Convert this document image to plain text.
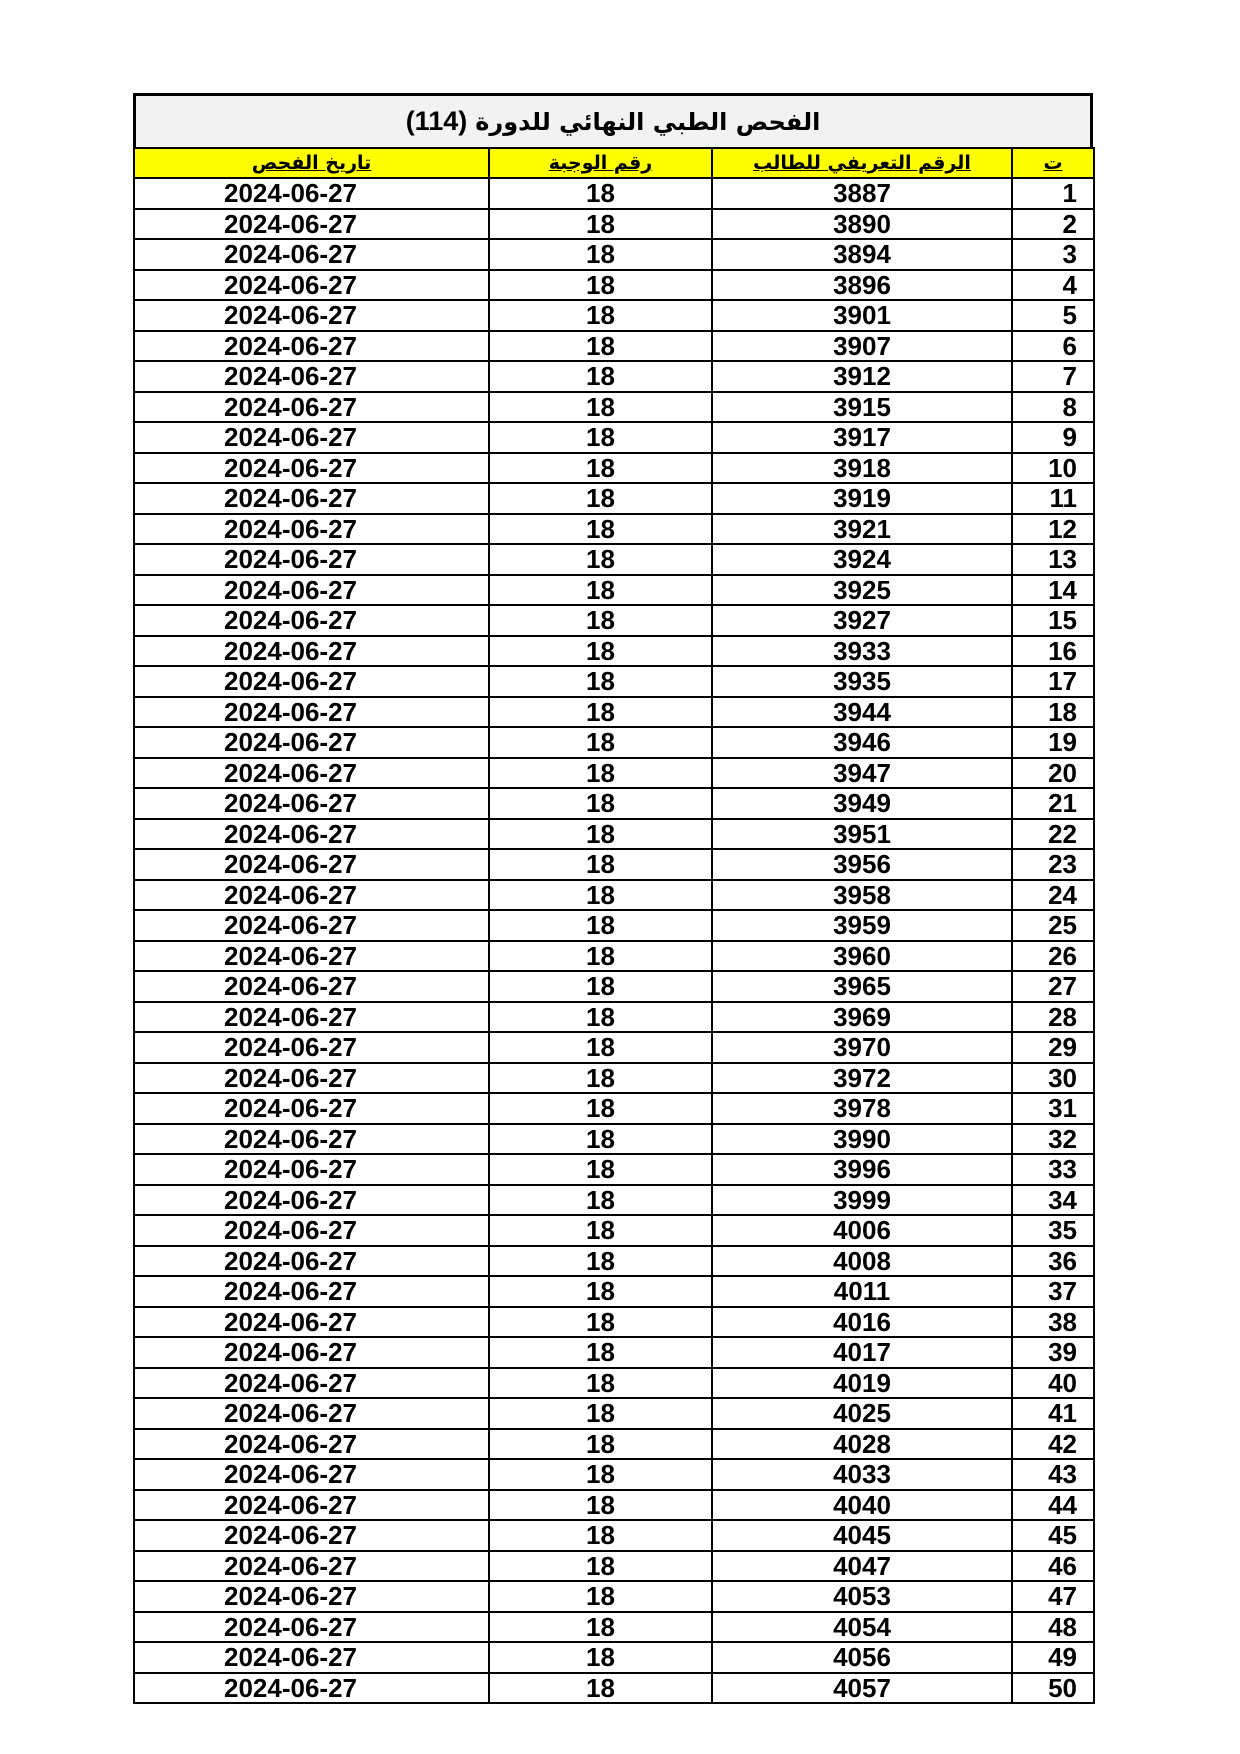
الفحص الطبي النهائي للدورة
(114)
تاريخ الفحص	رقم الوجبة	الرقم التعريفي للطالب	ت
2024-06-27	18	3887	1
2024-06-27	18	3890	2
2024-06-27	18	3894	3
2024-06-27	18	3896	4
2024-06-27	18	3901	5
2024-06-27	18	3907	6
2024-06-27	18	3912	7
2024-06-27	18	3915	8
2024-06-27	18	3917	9
2024-06-27	18	3918	10
2024-06-27	18	3919	11
2024-06-27	18	3921	12
2024-06-27	18	3924	13
2024-06-27	18	3925	14
2024-06-27	18	3927	15
2024-06-27	18	3933	16
2024-06-27	18	3935	17
2024-06-27	18	3944	18
2024-06-27	18	3946	19
2024-06-27	18	3947	20
2024-06-27	18	3949	21
2024-06-27	18	3951	22
2024-06-27	18	3956	23
2024-06-27	18	3958	24
2024-06-27	18	3959	25
2024-06-27	18	3960	26
2024-06-27	18	3965	27
2024-06-27	18	3969	28
2024-06-27	18	3970	29
2024-06-27	18	3972	30
2024-06-27	18	3978	31
2024-06-27	18	3990	32
2024-06-27	18	3996	33
2024-06-27	18	3999	34
2024-06-27	18	4006	35
2024-06-27	18	4008	36
2024-06-27	18	4011	37
2024-06-27	18	4016	38
2024-06-27	18	4017	39
2024-06-27	18	4019	40
2024-06-27	18	4025	41
2024-06-27	18	4028	42
2024-06-27	18	4033	43
2024-06-27	18	4040	44
2024-06-27	18	4045	45
2024-06-27	18	4047	46
2024-06-27	18	4053	47
2024-06-27	18	4054	48
2024-06-27	18	4056	49
2024-06-27	18	4057	50
